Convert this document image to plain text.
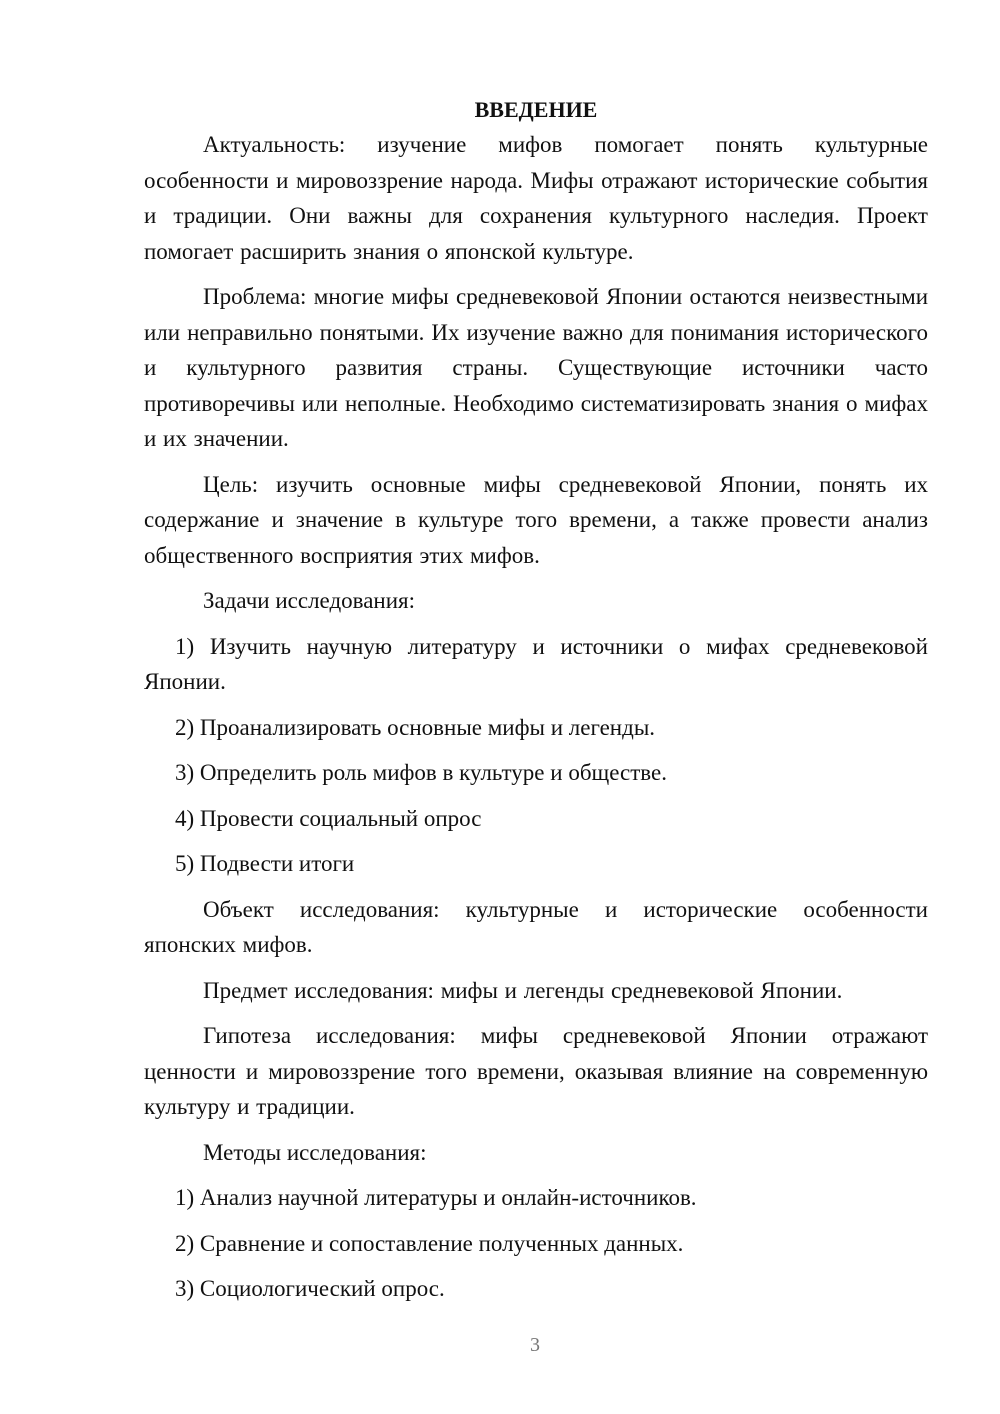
ВВЕДЕНИЕ

Актуальность: изучение мифов помогает понять культурные особенности и мировоззрение народа. Мифы отражают исторические события и традиции. Они важны для сохранения культурного наследия. Проект помогает расширить знания о японской культуре.

Проблема: многие мифы средневековой Японии остаются неизвестными или неправильно понятыми. Их изучение важно для понимания исторического и культурного развития страны. Существующие источники часто противоречивы или неполные. Необходимо систематизировать знания о мифах и их значении.

Цель: изучить основные мифы средневековой Японии, понять их содержание и значение в культуре того времени, а также провести анализ общественного восприятия этих мифов.

Задачи исследования:

1) Изучить научную литературу и источники о мифах средневековой Японии.
2) Проанализировать основные мифы и легенды.
3) Определить роль мифов в культуре и обществе.
4) Провести социальный опрос
5) Подвести итоги

Объект исследования: культурные и исторические особенности японских мифов.

Предмет исследования: мифы и легенды средневековой Японии.

Гипотеза исследования: мифы средневековой Японии отражают ценности и мировоззрение того времени, оказывая влияние на современную культуру и традиции.

Методы исследования:

1) Анализ научной литературы и онлайн-источников.
2) Сравнение и сопоставление полученных данных.
3) Социологический опрос.
3
